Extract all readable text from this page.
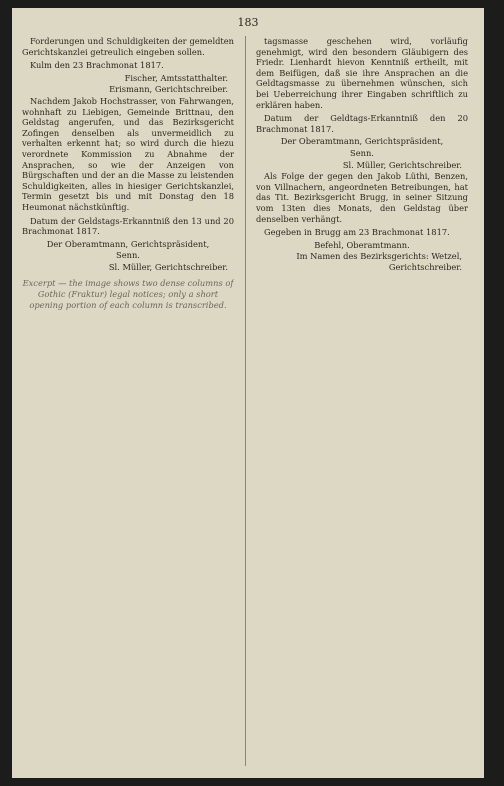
183

Forderungen und Schuldigkeiten der gemeldten Gerichtskanzlei getreulich eingeben sollen.

Kulm den 23 Brachmonat 1817.

Fischer, Amtsstatthalter.

Erismann, Gerichtschreiber.

Nachdem Jakob Hochstrasser, von Fahrwangen, wohnhaft zu Liebigen, Gemeinde Brittnau, den Geldstag angerufen, und das Bezirksgericht Zofingen denselben als unvermeidlich zu verhalten erkennt hat; so wird durch die hiezu verordnete Kommission zu Abnahme der Ansprachen, so wie der Anzeigen von Bürgschaften und der an die Masse zu leistenden Schuldigkeiten, alles in hiesiger Gerichtskanzlei, Termin gesetzt bis und mit Donstag den 18 Heumonat nächstkünftig.

Datum der Geldstags-Erkanntniß den 13 und 20 Brachmonat 1817.

Der Oberamtmann, Gerichtspräsident,

Senn.

Sl. Müller, Gerichtschreiber.

Excerpt — the image shows two dense columns of Gothic (Fraktur) legal notices; only a short opening portion of each column is transcribed.

tagsmasse geschehen wird, vorläufig genehmigt, wird den besondern Gläubigern des Friedr. Lienhardt hievon Kenntniß ertheilt, mit dem Beifügen, daß sie ihre Ansprachen an die Geldtagsmasse zu übernehmen wünschen, sich bei Ueberreichung ihrer Eingaben schriftlich zu erklären haben.

Datum der Geldtags-Erkanntniß den 20 Brachmonat 1817.

Der Oberamtmann, Gerichtspräsident,

Senn.

Sl. Müller, Gerichtschreiber.

Als Folge der gegen den Jakob Lüthi, Benzen, von Villnachern, angeordneten Betreibungen, hat das Tit. Bezirksgericht Brugg, in seiner Sitzung vom 13ten dies Monats, den Geldstag über denselben verhängt.

Gegeben in Brugg am 23 Brachmonat 1817.

Befehl, Oberamtmann.

Im Namen des Bezirksgerichts: Wetzel, Gerichtschreiber.
